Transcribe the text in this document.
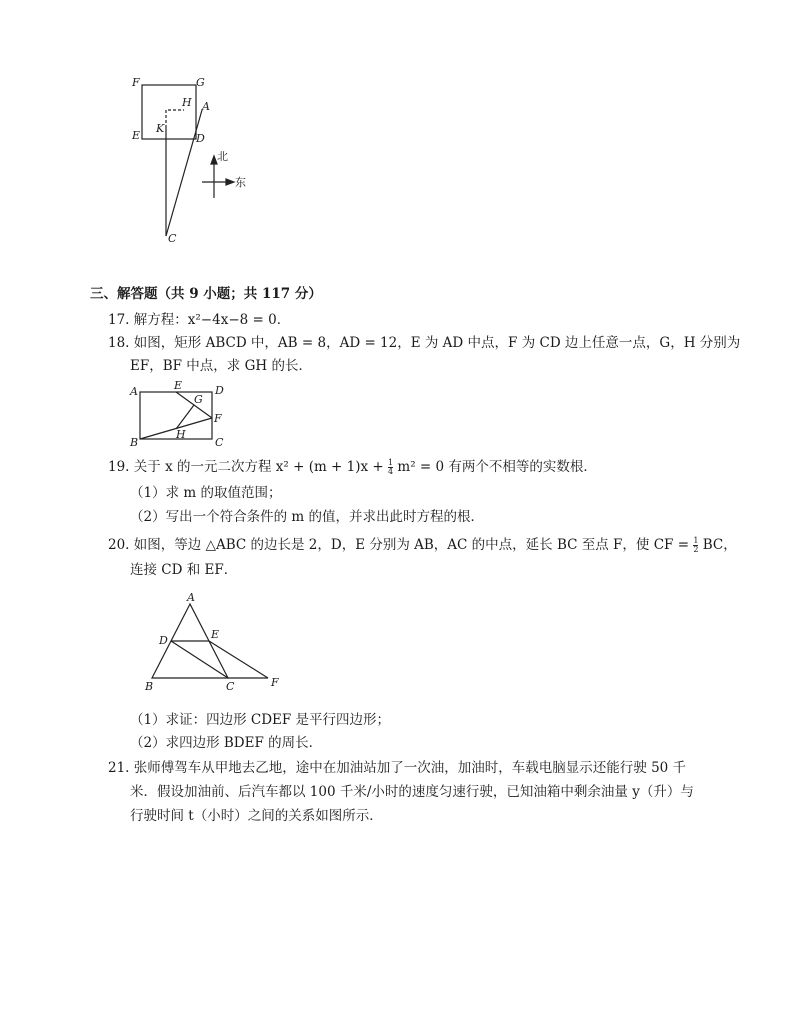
F	G
E
K
H A
D
C
北
东
三、解答题（共 9 小题；共 117 分）
17. 解方程：x²−4x−8 = 0．
18. 如图，矩形 ABCD 中，AB = 8，AD = 12，E 为 AD 中点，F 为 CD 边上任意一点，G，H 分别为
EF，BF 中点，求 GH 的长．
A	E	D
G
F
H
B	C
19. 关于 x 的一元二次方程 $x^2 + (m + 1)x + \frac{1}{4} m^2 = 0$ 有两个不相等的实数根．
（1）求 m 的取值范围；
（2）写出一个符合条件的 m 的值，并求出此时方程的根．
20. 如图，等边 △ABC 的边长是 2，D，E 分别为 AB，AC 的中点，延长 BC 至点 F，使 CF = $\frac{1}{2}$ BC，
连接 CD 和 EF．
A
D	E
B	C	F
（1）求证：四边形 CDEF 是平行四边形；
（2）求四边形 BDEF 的周长．
21. 张师傅驾车从甲地去乙地，途中在加油站加了一次油，加油时，车载电脑显示还能行驶 50 千
米．假设加油前、后汽车都以 100 千米/小时的速度匀速行驶，已知油箱中剩余油量 y（升）与
行驶时间 t（小时）之间的关系如图所示．
